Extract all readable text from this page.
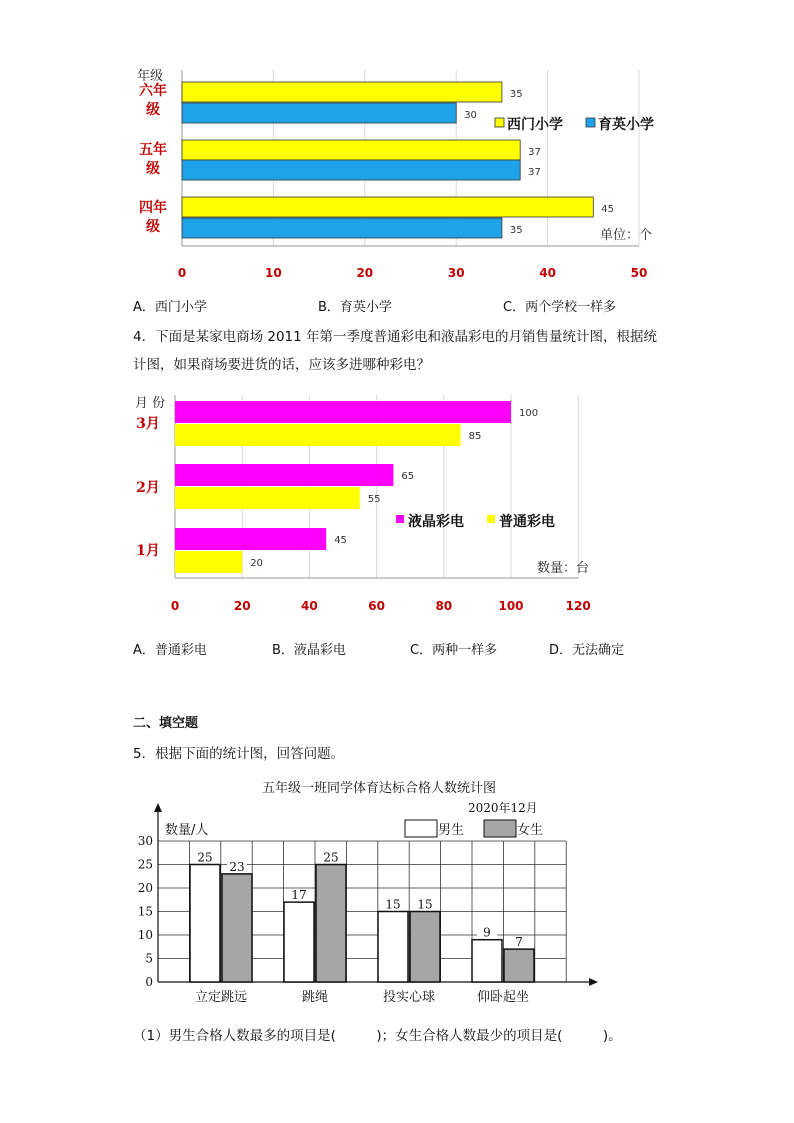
0	10	20	30	40	50
年级
六年
级
35
30
五年
级
37
37
四年
级
45
35
西门小学	育英小学
单位：个
0	20	40	60	80	100	120
月 份
3月
100
85
2月
65
55
1月
45
20
液晶彩电	普通彩电
数量：台
五年级一班同学体育达标合格人数统计图
2020年12月
0
5
10
15
20
25
30
数量/人
25
23
立定跳远
17
25
跳绳
15 15
投实心球
9
7
仰卧起坐
男生	女生
A．西门小学	B．育英小学	C．两个学校一样多
4．下面是某家电商场 2011 年第一季度普通彩电和液晶彩电的月销售量统计图，根据统
计图，如果商场要进货的话，应该多进哪种彩电？
A．普通彩电	B．液晶彩电	C．两种一样多	D．无法确定
二、填空题
5．根据下面的统计图，回答问题。
（1）男生合格人数最多的项目是(　　　)；女生合格人数最少的项目是(　　　)。
